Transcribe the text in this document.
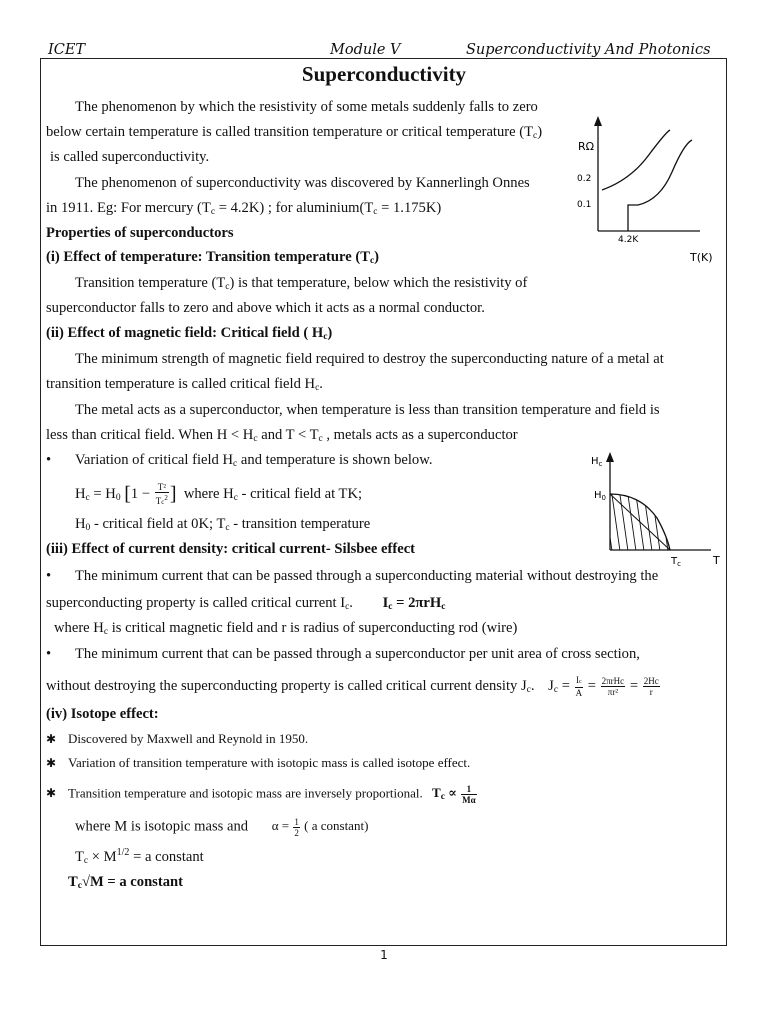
ICET	Module V	Superconductivity And Photonics
Superconductivity
The phenomenon by which the resistivity of some metals suddenly falls to zero
below certain temperature is called transition temperature or critical temperature $(T_c)$
is called superconductivity.
The phenomenon of superconductivity was discovered by Kannerlingh Onnes
in 1911. Eg: For mercury $(T_c = 4.2K)$ ; for $aluminium(T_c = 1.175K)$
RΩ
0.2
0.1
4.2K
T(K)
Properties of superconductors
(i) Effect of temperature: Transition temperature $(T_c)$
Transition temperature $(T_c)$ is that temperature, below which the resistivity of
superconductor falls to zero and above which it acts as a normal conductor.
(ii) Effect of magnetic field: Critical field ( $H_c$)
The minimum strength of magnetic field required to destroy the superconducting nature of a metal at
transition temperature is called critical field $H_c$.
The metal acts as a superconductor, when temperature is less than transition temperature and field is
less than critical field. When $H < H_c$ and $T < T_c$ , metals acts as a superconductor
• Variation of critical field $H_c$ and temperature is shown below.
$H_c = H_0$ [$1 - \frac{\text{T²}}{Tc^2}$ ] where $H_c$ - critical field at TK;
$H_0$ - critical field at 0K; $T_c$ - transition temperature
$H_c$
$H_0$
$T_c$	T
(iii) Effect of current density: critical current- Silsbee effect
• The minimum current that can be passed through a superconducting material without destroying the
superconducting property is called critical current $I_c$. $I_c = 2\pi rH_c$
where $H_c$ is critical magnetic field and r is radius of superconducting rod (wire)
• The minimum current that can be passed through a superconductor per unit area of cross section,
without destroying the superconducting property is called critical current density $J_c$. $J_c = \frac{Ic}{A} = 2\pi rHc$
$\pi r^2 = \frac{2Hc}{r}$
(iv) Isotope effect:
✱ Discovered by Maxwell and Reynold in 1950.
✱ Variation of transition temperature with isotopic mass is called isotope effect.
✱ Transition temperature and isotopic mass are inversely proportional. $T_c \propto \frac{1}{M\alpha}$
where M is isotopic mass and $\alpha = \frac{1}{2}$ ( a constant)
$T_c \times M^{1/2} = a$ constant
$T_c√M = a$ constant
1
